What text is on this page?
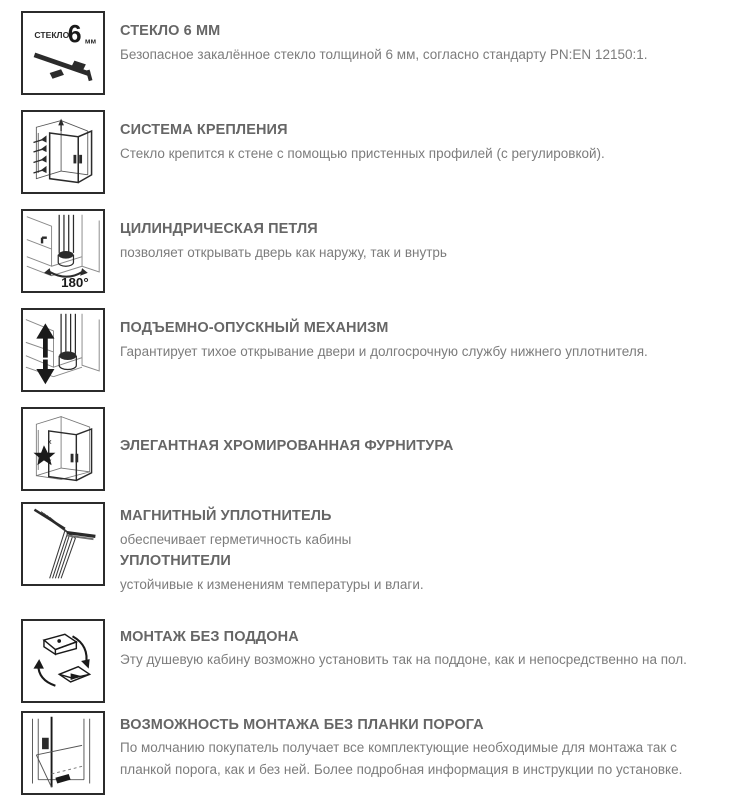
СТЕКЛО
6 мм
СТЕКЛО 6 ММ
Безопасное закалённое стекло толщиной 6 мм, согласно стандарту PN:EN 12150:1.
СИСТЕМА КРЕПЛЕНИЯ
Стекло крепится к стене с помощью пристенных профилей (с регулировкой).
180°
ЦИЛИНДРИЧЕСКАЯ ПЕТЛЯ
позволяет открывать дверь как наружу, так и внутрь
ПОДЪЕМНО-ОПУСКНЫЙ МЕХАНИЗМ
Гарантирует тихое открывание двери и долгосрочную службу нижнего уплотнителя.
x
x
ЭЛЕГАНТНАЯ ХРОМИРОВАННАЯ ФУРНИТУРА
МАГНИТНЫЙ УПЛОТНИТЕЛЬ
обеспечивает герметичность кабины
УПЛОТНИТЕЛИ
устойчивые к изменениям температуры и влаги.
МОНТАЖ БЕЗ ПОДДОНА
Эту душевую кабину возможно установить так на поддоне, как и непосредственно на пол.
ВОЗМОЖНОСТЬ МОНТАЖА БЕЗ ПЛАНКИ ПОРОГА
По молчанию покупатель получает все комплектующие необходимые для монтажа так с планкой порога, как и без ней. Более подробная информация в инструкции по установке.
